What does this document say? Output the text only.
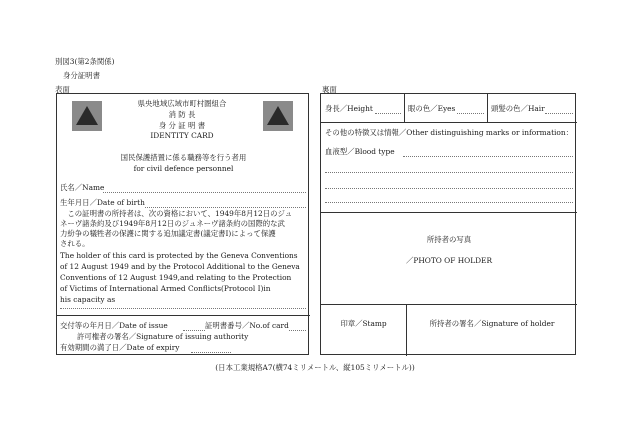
別図3(第2条関係)
身分証明書
表面	裏面
県央地域広域市町村圏組合
消 防 長
身 分 証 明 書
IDENTITY CARD
国民保護措置に係る職務等を行う者用
for civil defence personnel
氏名／Name
生年月日／Date of birth
　この証明書の所持者は、次の資格において、1949年8月12日のジュ
ネーヴ諸条約及び1949年8月12日のジュネーヴ諸条約の国際的な武
力紛争の犠牲者の保護に関する追加議定書(議定書Ⅰ)によって保護
される。
The holder of this card is protected by the Geneva Conventions
of 12 August 1949 and by the Protocol Additional to the Geneva
Conventions of 12 August 1949,and relating to the Protection
of Victims of International Armed Conflicts(Protocol Ⅰ)in
his capacity as
交付等の年月日／Date of issue	証明書番号／No.of card
許可権者の署名／Signature of issuing authority
有効期間の満了日／Date of expiry
身長／Height	眼の色／Eyes	頭髪の色／Hair
その他の特徴又は情報／Other distinguishing marks or information：
血液型／Blood type
所持者の写真
／PHOTO OF HOLDER
印章／Stamp	所持者の署名／Signature of holder
(日本工業規格A7(横74ミリメートル、縦105ミリメートル))
